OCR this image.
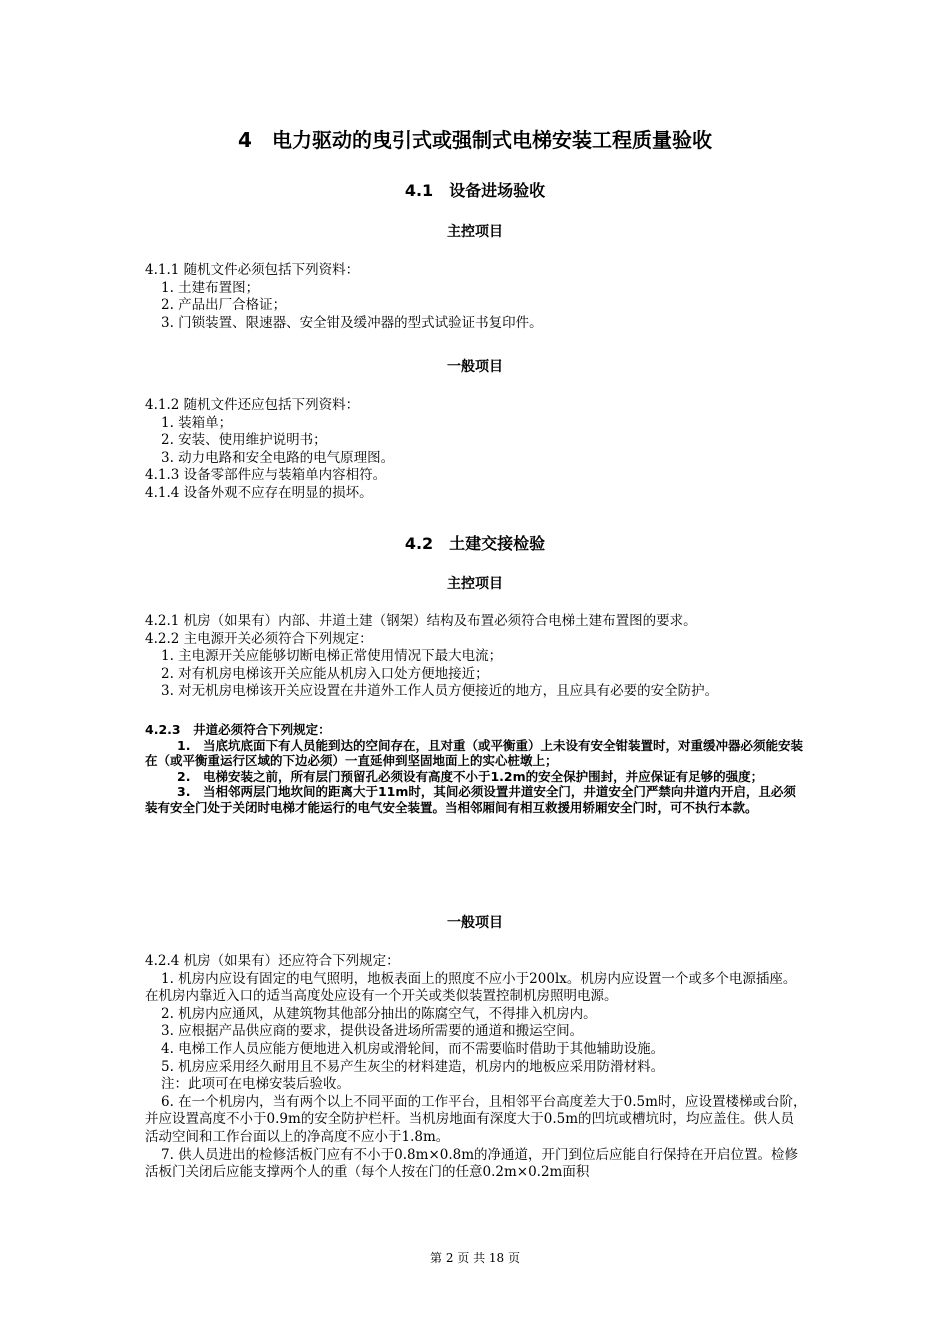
4　电力驱动的曳引式或强制式电梯安装工程质量验收
4.1　设备进场验收
主控项目

4.1.1 随机文件必须包括下列资料：

1. 土建布置图；

2. 产品出厂合格证；

3. 门锁装置、限速器、安全钳及缓冲器的型式试验证书复印件。

一般项目

4.1.2 随机文件还应包括下列资料：

1. 装箱单；

2. 安装、使用维护说明书；

3. 动力电路和安全电路的电气原理图。

4.1.3 设备零部件应与装箱单内容相符。

4.1.4 设备外观不应存在明显的损坏。

4.2　土建交接检验
主控项目

4.2.1 机房（如果有）内部、井道土建（钢架）结构及布置必须符合电梯土建布置图的要求。

4.2.2 主电源开关必须符合下列规定：

1. 主电源开关应能够切断电梯正常使用情况下最大电流；

2. 对有机房电梯该开关应能从机房入口处方便地接近；

3. 对无机房电梯该开关应设置在井道外工作人员方便接近的地方，且应具有必要的安全防护。

4.2.3　井道必须符合下列规定：

1.　当底坑底面下有人员能到达的空间存在，且对重（或平衡重）上未设有安全钳装置时，对重缓冲器必须能安装在（或平衡重运行区域的下边必须）一直延伸到坚固地面上的实心桩墩上；

2.　电梯安装之前，所有层门预留孔必须设有高度不小于1.2m的安全保护围封，并应保证有足够的强度；

3.　当相邻两层门地坎间的距离大于11m时，其间必须设置井道安全门，井道安全门严禁向井道内开启，且必须装有安全门处于关闭时电梯才能运行的电气安全装置。当相邻厢间有相互救援用轿厢安全门时，可不执行本款。

一般项目

4.2.4 机房（如果有）还应符合下列规定：

1. 机房内应设有固定的电气照明，地板表面上的照度不应小于200lx。机房内应设置一个或多个电源插座。在机房内靠近入口的适当高度处应设有一个开关或类似装置控制机房照明电源。

2. 机房内应通风，从建筑物其他部分抽出的陈腐空气，不得排入机房内。

3. 应根据产品供应商的要求，提供设备进场所需要的通道和搬运空间。

4. 电梯工作人员应能方便地进入机房或滑轮间，而不需要临时借助于其他辅助设施。

5. 机房应采用经久耐用且不易产生灰尘的材料建造，机房内的地板应采用防滑材料。

注：此项可在电梯安装后验收。

6. 在一个机房内，当有两个以上不同平面的工作平台，且相邻平台高度差大于0.5m时，应设置楼梯或台阶，并应设置高度不小于0.9m的安全防护栏杆。当机房地面有深度大于0.5m的凹坑或槽坑时，均应盖住。供人员活动空间和工作台面以上的净高度不应小于1.8m。

7. 供人员进出的检修活板门应有不小于0.8m×0.8m的净通道，开门到位后应能自行保持在开启位置。检修活板门关闭后应能支撑两个人的重（每个人按在门的任意0.2m×0.2m面积

第 2 页 共 18 页
